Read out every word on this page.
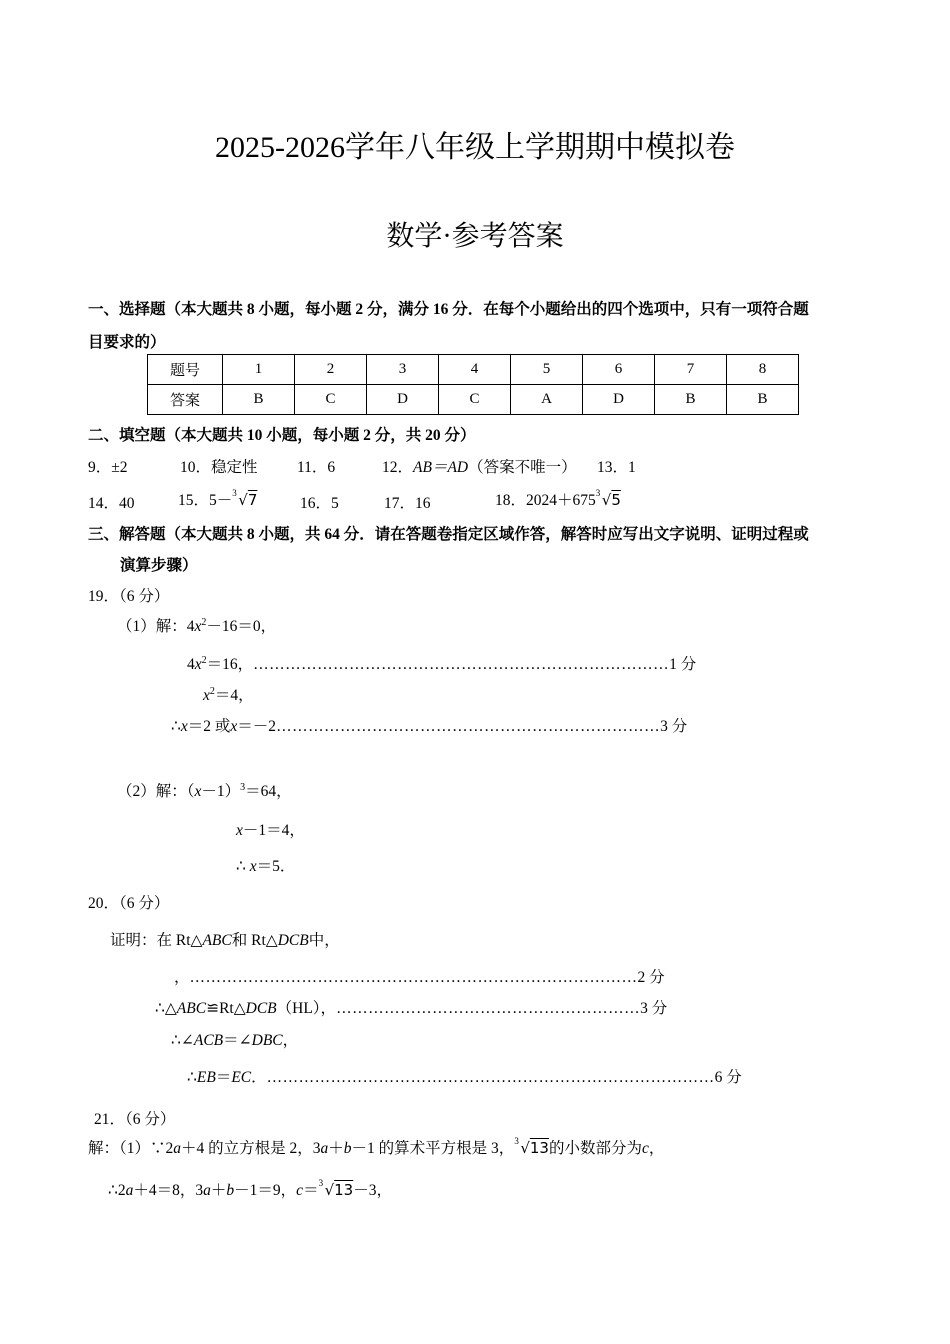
2025-2026学年八年级上学期期中模拟卷
数学·参考答案
一、选择题（本大题共 8 小题，每小题 2 分，满分 16 分．在每个小题给出的四个选项中，只有一项符合题
目要求的）
题号	1	2	3	4	5	6	7	8
答案	B	C	D	C	A	D	B	B
二、填空题（本大题共 10 小题，每小题 2 分，共 20 分）
9．±2	10．稳定性	11．6	12．AB＝AD（答案不唯一） 13．1
14．40	15．5－ 3 √7	16．5	17．16	18．2024＋675 3 √5
三、解答题（本大题共 8 小题，共 64 分．请在答题卷指定区域作答，解答时应写出文字说明、证明过程或
演算步骤）
19．（6 分）
（1）解：$4x^2-16=0$，
$4x^2=16$，……………………………………………………………………1 分
$x^2=4$，
∴x＝2 或x＝－2………………………………………………………………3 分
（2）解：$(x-1)^3=64$，
x－1＝4，
∴ x＝5．
20．（6 分）
证明：在 Rt△ABC和 Rt△DCB中，
，…………………………………………………………………………2 分
∴△ABC≌Rt△DCB（HL），…………………………………………………3 分
∴∠ACB＝∠DBC，
∴EB＝EC．…………………………………………………………………………6 分
21．（6 分）
解：（1）∵2a＋4 的立方根是 2，3a＋b－1 的算术平方根是 3， 3 √13的小数部分为c，
∴2a＋4＝8，3a＋b－1＝9，c＝ 3 √13－3，
